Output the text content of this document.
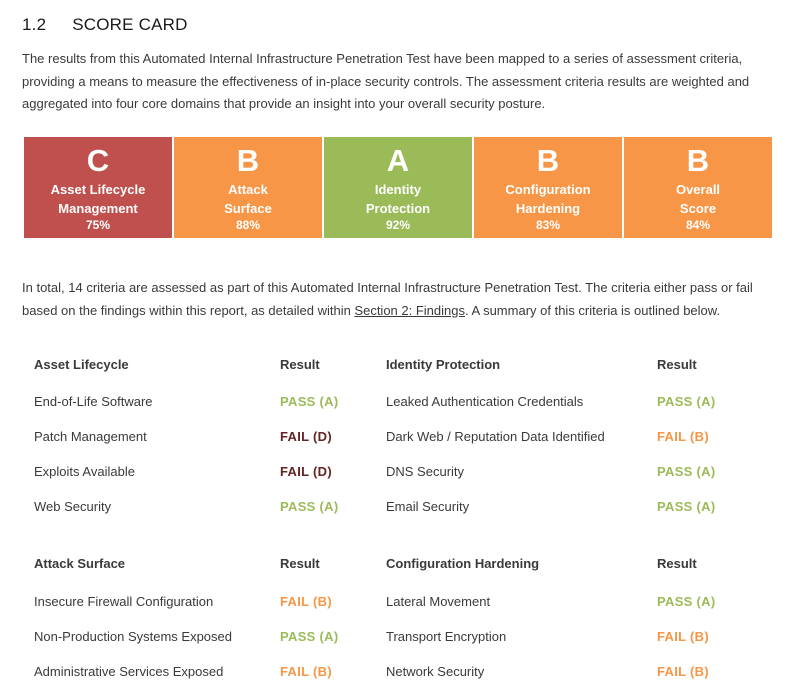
1.2 SCORE CARD

The results from this Automated Internal Infrastructure Penetration Test have been mapped to a series of assessment criteria, providing a means to measure the effectiveness of in-place security controls. The assessment criteria results are weighted and aggregated into four core domains that provide an insight into your overall security posture.

C
Asset Lifecycle
Management
75%
B
Attack
Surface
88%
A
Identity
Protection
92%
B
Configuration
Hardening
83%
B
Overall
Score
84%

In total, 14 criteria are assessed as part of this Automated Internal Infrastructure Penetration Test. The criteria either pass or fail based on the findings within this report, as detailed within Section 2: Findings. A summary of this criteria is outlined below.

Asset Lifecycle	Result	Identity Protection	Result
End-of-Life Software	PASS (A)	Leaked Authentication Credentials	PASS (A)
Patch Management	FAIL (D)	Dark Web / Reputation Data Identified	FAIL (B)
Exploits Available	FAIL (D)	DNS Security	PASS (A)
Web Security	PASS (A)	Email Security	PASS (A)
Attack Surface	Result	Configuration Hardening	Result
Insecure Firewall Configuration	FAIL (B)	Lateral Movement	PASS (A)
Non-Production Systems Exposed	PASS (A)	Transport Encryption	FAIL (B)
Administrative Services Exposed	FAIL (B)	Network Security	FAIL (B)
